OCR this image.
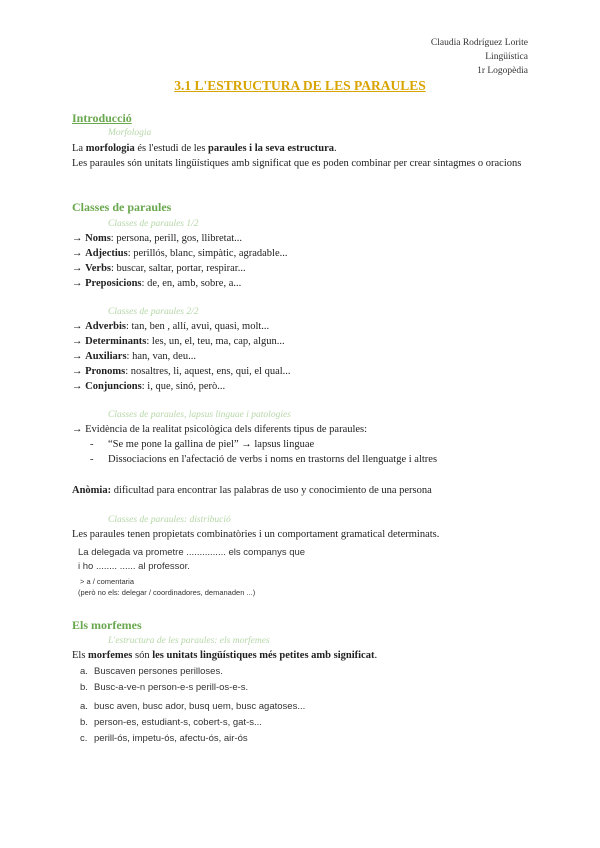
Claudia Rodríguez Lorite
Lingüística
1r Logopèdia
3.1 L'ESTRUCTURA DE LES PARAULES
Introducció
Morfologia
La morfologia és l'estudi de les paraules i la seva estructura.
Les paraules són unitats lingüístiques amb significat que es poden combinar per crear sintagmes o oracions
Classes de paraules
Classes de paraules 1/2
→ Noms: persona, perill, gos, llibretat...
→ Adjectius: perillós, blanc, simpàtic, agradable...
→ Verbs: buscar, saltar, portar, respirar...
→ Preposicions: de, en, amb, sobre, a...
Classes de paraules 2/2
→ Adverbis: tan, ben , allí, avui, quasi, molt...
→ Determinants: les, un, el, teu, ma, cap, algun...
→ Auxiliars: han, van, deu...
→ Pronoms: nosaltres, li, aquest, ens, qui, el qual...
→ Conjuncions: i, que, sinó, però...
Classes de paraules, lapsus linguae i patologies
→ Evidència de la realitat psicològica dels diferents tipus de paraules:
- “Se me pone la gallina de piel” → lapsus linguae
- Dissociacions en l'afectació de verbs i noms en trastorns del llenguatge i altres
Anòmia: dificultad para encontrar las palabras de uso y conocimiento de una persona
Classes de paraules: distribució
Les paraules tenen propietats combinatòries i un comportament gramatical determinats.
La delegada va prometre ............... els companys que
i ho ........ ...... al professor.
> a / comentaria
(però no els: delegar / coordinadores, demanaden ...)
Els morfemes
L'estructura de les paraules: els morfemes
Els morfemes són les unitats lingüístiques més petites amb significat.
a. Buscaven persones perilloses.
b. Busc-a-ve-n person-e-s perill-os-e-s.
a. busc aven, busc ador, busq uem, busc agatoses...
b. person-es, estudiant-s, cobert-s, gat-s...
c. perill-ós, impetu-ós, afectu-ós, air-ós
